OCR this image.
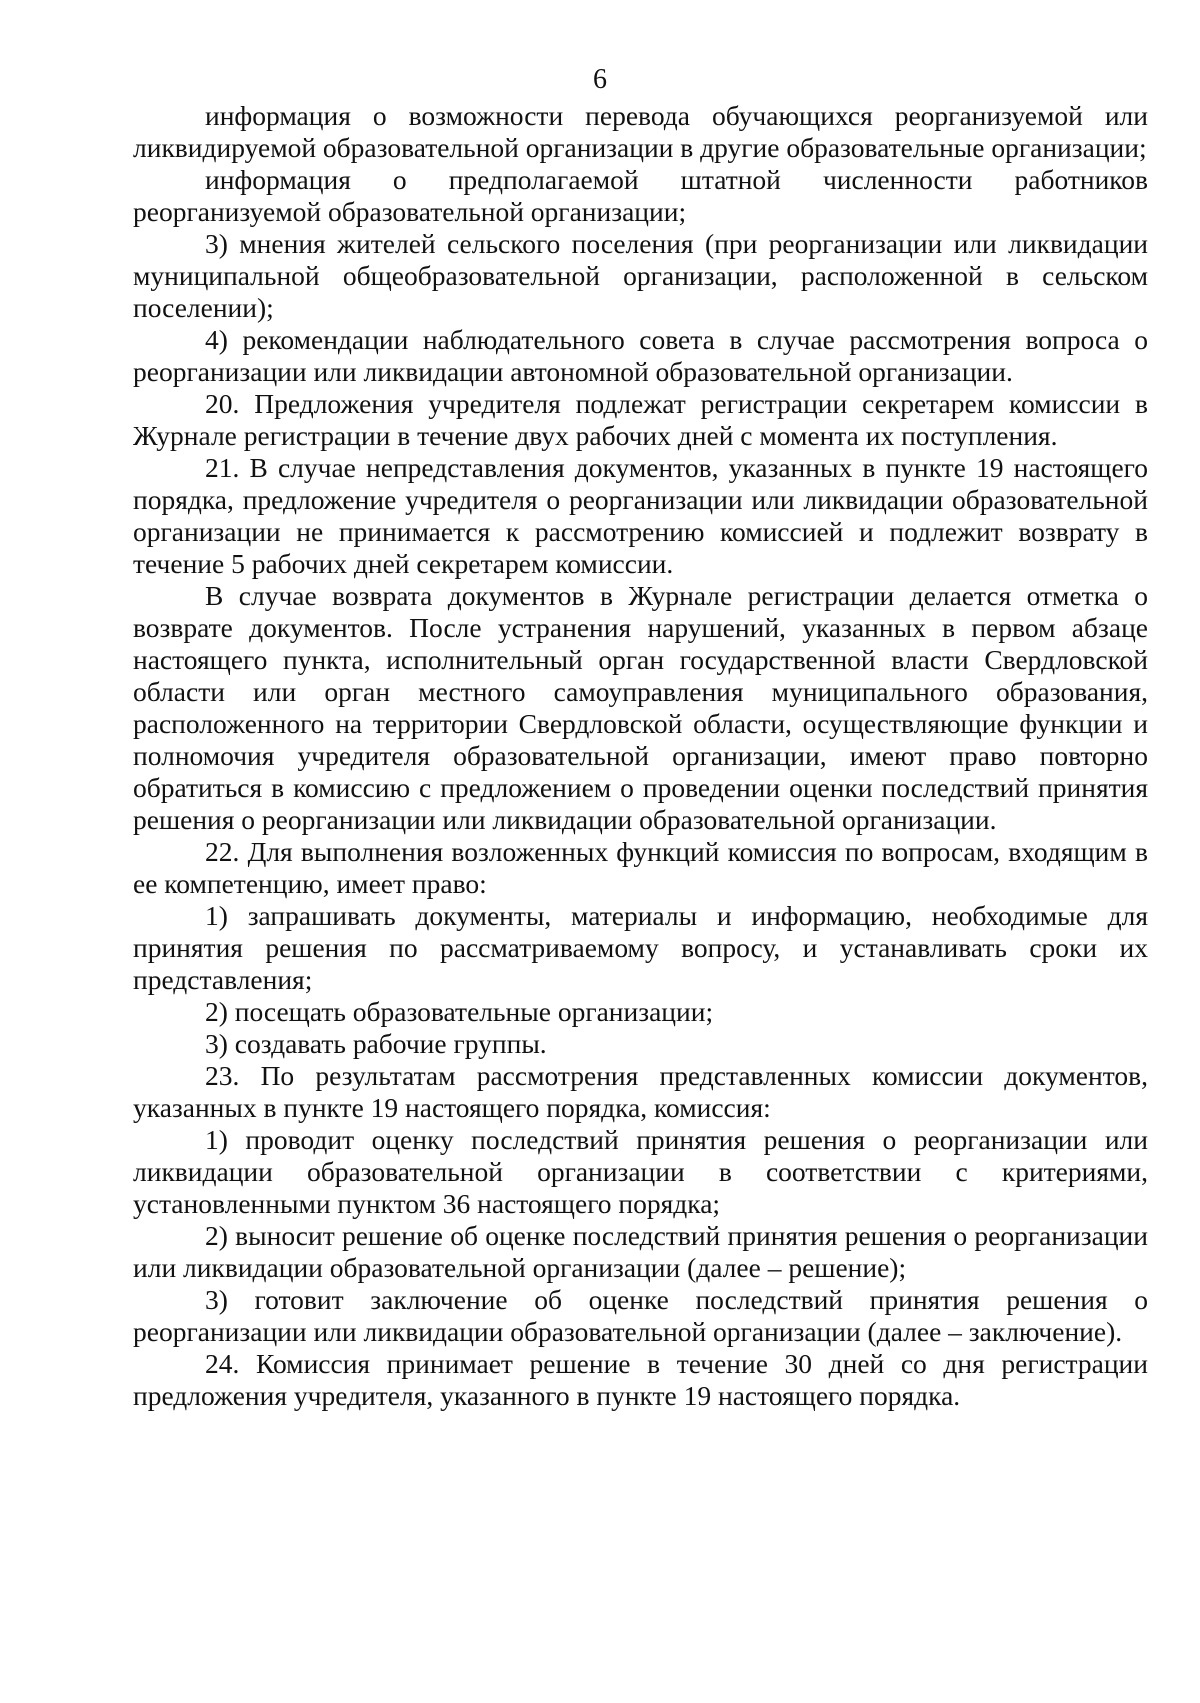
6

информация о возможности перевода обучающихся реорганизуемой или ликвидируемой образовательной организации в другие образовательные организации;

информация о предполагаемой штатной численности работников реорганизуемой образовательной организации;

3) мнения жителей сельского поселения (при реорганизации или ликвидации муниципальной общеобразовательной организации, расположенной в сельском поселении);

4) рекомендации наблюдательного совета в случае рассмотрения вопроса о реорганизации или ликвидации автономной образовательной организации.

20. Предложения учредителя подлежат регистрации секретарем комиссии в Журнале регистрации в течение двух рабочих дней с момента их поступления.

21. В случае непредставления документов, указанных в пункте 19 настоящего порядка, предложение учредителя о реорганизации или ликвидации образовательной организации не принимается к рассмотрению комиссией и подлежит возврату в течение 5 рабочих дней секретарем комиссии.

В случае возврата документов в Журнале регистрации делается отметка о возврате документов. После устранения нарушений, указанных в первом абзаце настоящего пункта, исполнительный орган государственной власти Свердловской области или орган местного самоуправления муниципального образования, расположенного на территории Свердловской области, осуществляющие функции и полномочия учредителя образовательной организации, имеют право повторно обратиться в комиссию с предложением о проведении оценки последствий принятия решения о реорганизации или ликвидации образовательной организации.

22. Для выполнения возложенных функций комиссия по вопросам, входящим в ее компетенцию, имеет право:

1) запрашивать документы, материалы и информацию, необходимые для принятия решения по рассматриваемому вопросу, и устанавливать сроки их представления;

2) посещать образовательные организации;

3) создавать рабочие группы.

23. По результатам рассмотрения представленных комиссии документов, указанных в пункте 19 настоящего порядка, комиссия:

1) проводит оценку последствий принятия решения о реорганизации или ликвидации образовательной организации в соответствии с критериями, установленными пунктом 36 настоящего порядка;

2) выносит решение об оценке последствий принятия решения о реорганизации или ликвидации образовательной организации (далее – решение);

3) готовит заключение об оценке последствий принятия решения о реорганизации или ликвидации образовательной организации (далее – заключение).

24. Комиссия принимает решение в течение 30 дней со дня регистрации предложения учредителя, указанного в пункте 19 настоящего порядка.
